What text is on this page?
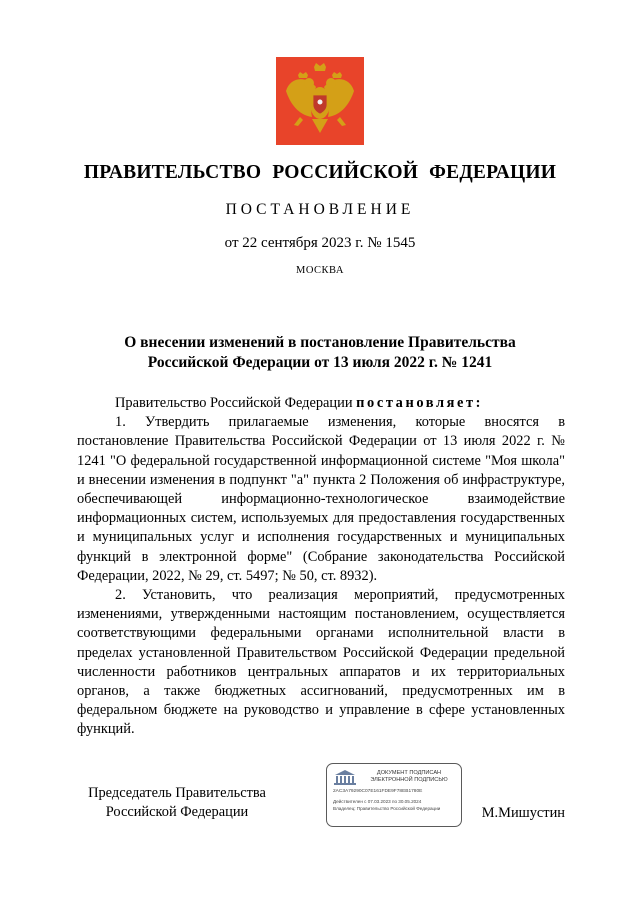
ПРАВИТЕЛЬСТВО РОССИЙСКОЙ ФЕДЕРАЦИИ
ПОСТАНОВЛЕНИЕ
от 22 сентября 2023 г. № 1545
МОСКВА
О внесении изменений в постановление Правительства
Российской Федерации от 13 июля 2022 г. № 1241

Правительство Российской Федерации постановляет:

1. Утвердить прилагаемые изменения, которые вносятся в постановление Правительства Российской Федерации от 13 июля 2022 г. № 1241 "О федеральной государственной информационной системе "Моя школа" и внесении изменения в подпункт "а" пункта 2 Положения об инфраструктуре, обеспечивающей информационно-технологическое взаимодействие информационных систем, используемых для предоставления государственных и муниципальных услуг и исполнения государственных и муниципальных функций в электронной форме" (Собрание законодательства Российской Федерации, 2022, № 29, ст. 5497; № 50, ст. 8932).

2. Установить, что реализация мероприятий, предусмотренных изменениями, утвержденными настоящим постановлением, осуществляется соответствующими федеральными органами исполнительной власти в пределах установленной Правительством Российской Федерации предельной численности работников центральных аппаратов и их территориальных органов, а также бюджетных ассигнований, предусмотренных им в федеральном бюджете на руководство и управление в сфере установленных функций.

Председатель Правительства
Российской Федерации
ДОКУМЕНТ ПОДПИСАН
ЭЛЕКТРОННОЙ ПОДПИСЬЮ
2AC3A79290C07E161FDE9F78EB1780E
Действителен с 07.03.2023 по 30.05.2024
Владелец: Правительство Российской Федерации	М.Мишустин
